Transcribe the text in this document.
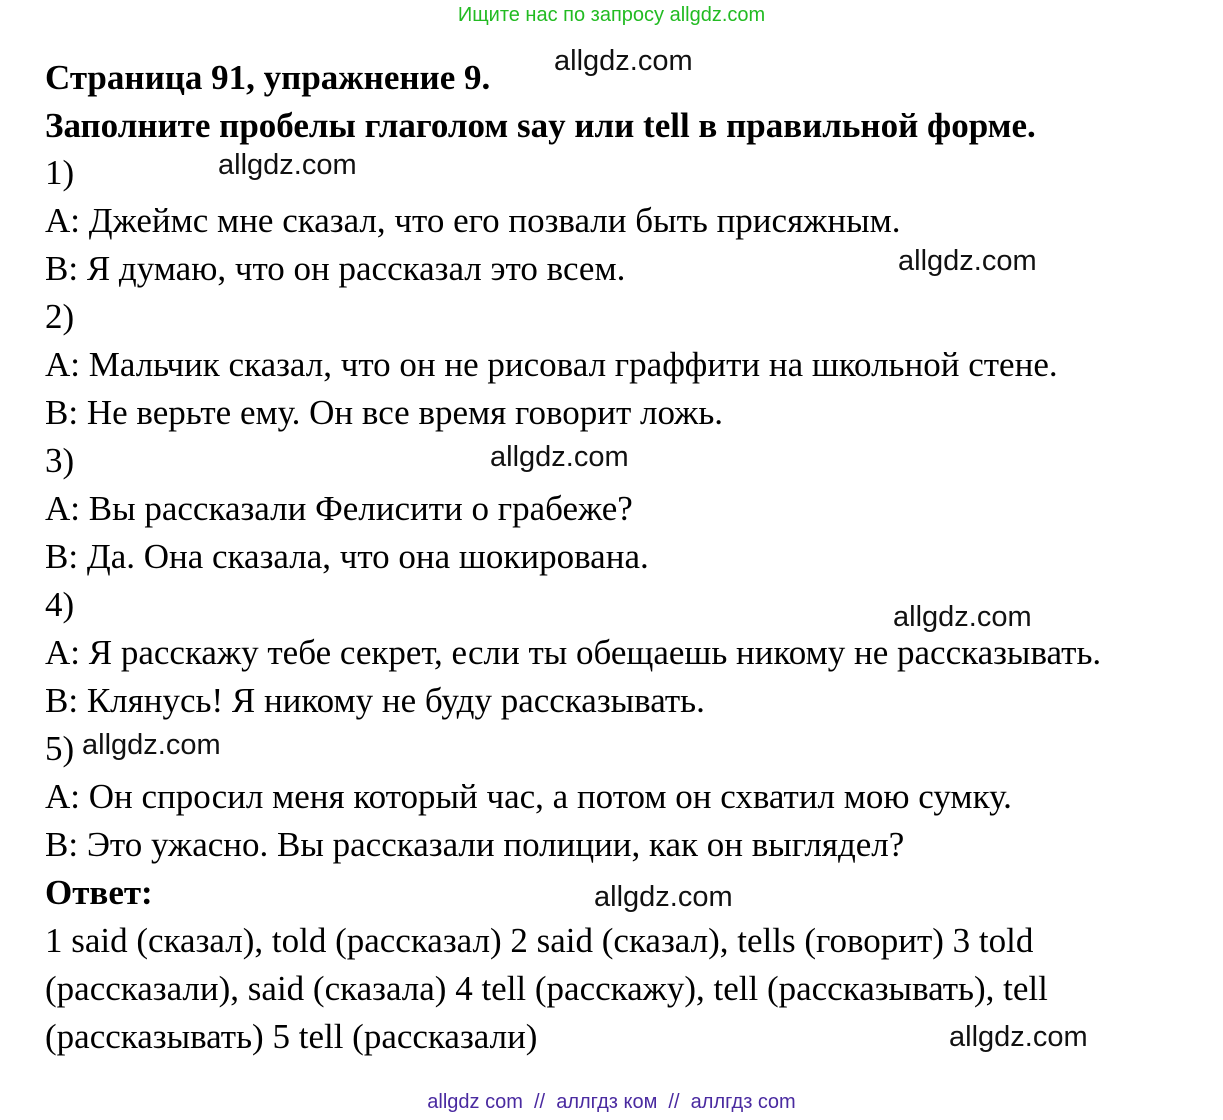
Ищите нас по запросу allgdz.com
Страница 91, упражнение 9.
Заполните пробелы глаголом say или tell в правильной форме.
1)
A: Джеймс мне сказал, что его позвали быть присяжным.
B: Я думаю, что он рассказал это всем.
2)
A: Мальчик сказал, что он не рисовал граффити на школьной стене.
B: Не верьте ему. Он все время говорит ложь.
3)
A: Вы рассказали Фелисити о грабеже?
B: Да. Она сказала, что она шокирована.
4)
A: Я расскажу тебе секрет, если ты обещаешь никому не рассказывать.
B: Клянусь! Я никому не буду рассказывать.
5)
A: Он спросил меня который час, а потом он схватил мою сумку.
B: Это ужасно. Вы рассказали полиции, как он выглядел?
Ответ:
1 said (сказал), told (рассказал) 2 said (сказал), tells (говорит) 3 told
(рассказали), said (сказала) 4 tell (расскажу), tell (рассказывать), tell
(рассказывать) 5 tell (рассказали)
allgdz.com
allgdz.com
allgdz.com
allgdz.com
allgdz.com
allgdz.com
allgdz.com
allgdz.com
allgdz com  //  аллгдз ком  //  аллгдз com
